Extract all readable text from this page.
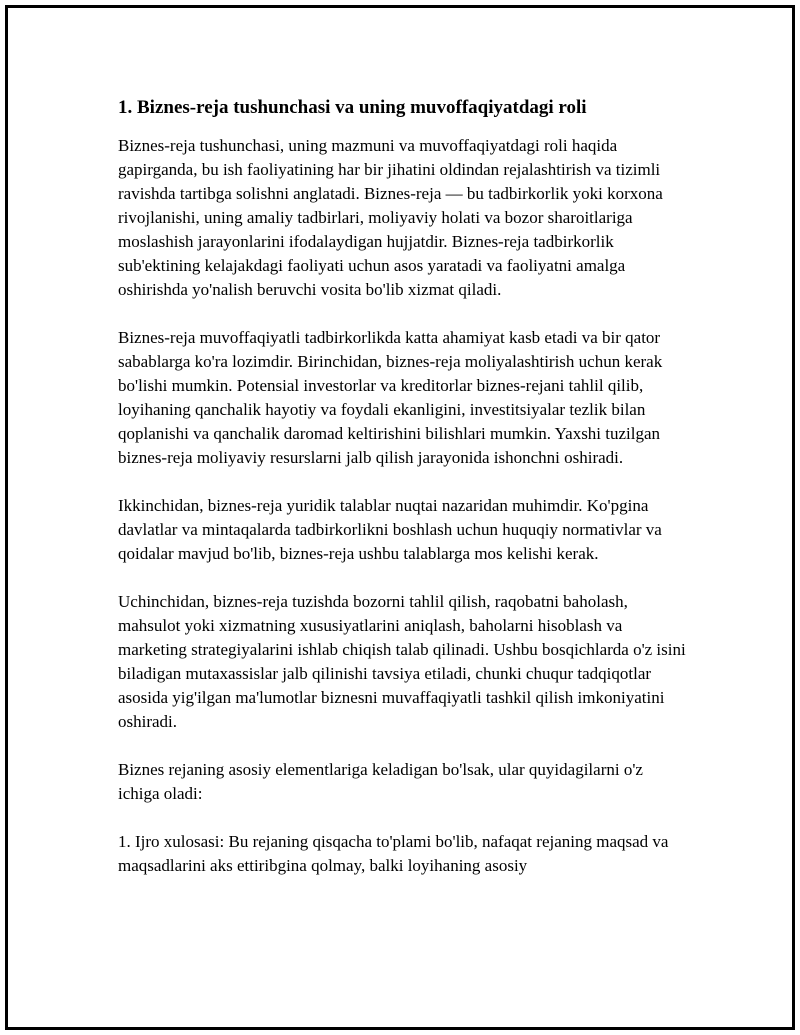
1. Biznes-reja tushunchasi va uning muvoffaqiyatdagi roli

Biznes-reja tushunchasi, uning mazmuni va muvoffaqiyatdagi roli haqida gapirganda, bu ish faoliyatining har bir jihatini oldindan rejalashtirish va tizimli ravishda tartibga solishni anglatadi. Biznes-reja — bu tadbirkorlik yoki korxona rivojlanishi, uning amaliy tadbirlari, moliyaviy holati va bozor sharoitlariga moslashish jarayonlarini ifodalaydigan hujjatdir. Biznes-reja tadbirkorlik sub'ektining kelajakdagi faoliyati uchun asos yaratadi va faoliyatni amalga oshirishda yo'nalish beruvchi vosita bo'lib xizmat qiladi.

Biznes-reja muvoffaqiyatli tadbirkorlikda katta ahamiyat kasb etadi va bir qator sabablarga ko'ra lozimdir. Birinchidan, biznes-reja moliyalashtirish uchun kerak bo'lishi mumkin. Potensial investorlar va kreditorlar biznes-rejani tahlil qilib, loyihaning qanchalik hayotiy va foydali ekanligini, investitsiyalar tezlik bilan qoplanishi va qanchalik daromad keltirishini bilishlari mumkin. Yaxshi tuzilgan biznes-reja moliyaviy resurslarni jalb qilish jarayonida ishonchni oshiradi.

Ikkinchidan, biznes-reja yuridik talablar nuqtai nazaridan muhimdir. Ko'pgina davlatlar va mintaqalarda tadbirkorlikni boshlash uchun huquqiy normativlar va qoidalar mavjud bo'lib, biznes-reja ushbu talablarga mos kelishi kerak.

Uchinchidan, biznes-reja tuzishda bozorni tahlil qilish, raqobatni baholash, mahsulot yoki xizmatning xususiyatlarini aniqlash, baholarni hisoblash va marketing strategiyalarini ishlab chiqish talab qilinadi. Ushbu bosqichlarda o'z isini biladigan mutaxassislar jalb qilinishi tavsiya etiladi, chunki chuqur tadqiqotlar asosida yig'ilgan ma'lumotlar biznesni muvaffaqiyatli tashkil qilish imkoniyatini oshiradi.

Biznes rejaning asosiy elementlariga keladigan bo'lsak, ular quyidagilarni o'z ichiga oladi:

1. Ijro xulosasi: Bu rejaning qisqacha to'plami bo'lib, nafaqat rejaning maqsad va maqsadlarini aks ettiribgina qolmay, balki loyihaning asosiy
